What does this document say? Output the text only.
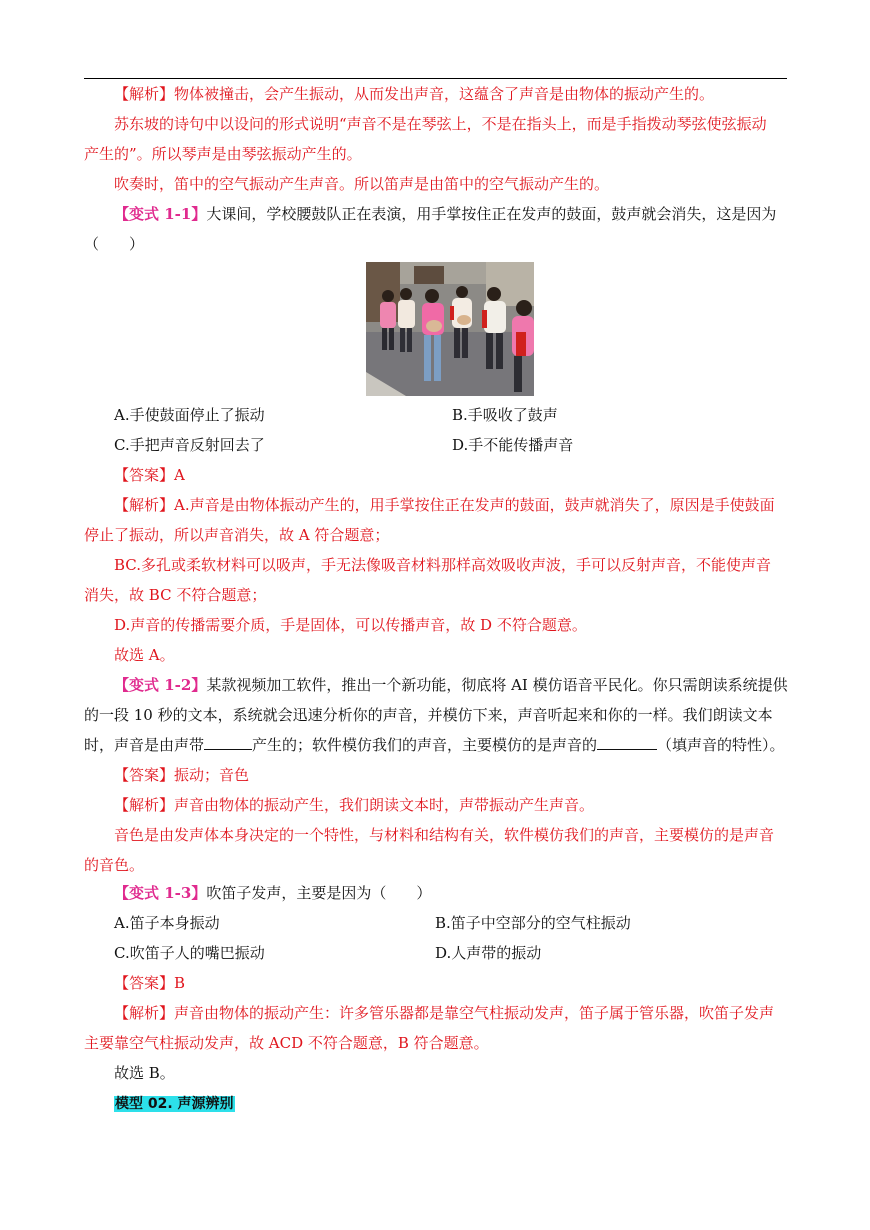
【解析】物体被撞击，会产生振动，从而发出声音，这蕴含了声音是由物体的振动产生的。
苏东坡的诗句中以设问的形式说明“声音不是在琴弦上，不是在指头上，而是手指拨动琴弦使弦振动
产生的”。所以琴声是由琴弦振动产生的。
吹奏时，笛中的空气振动产生声音。所以笛声是由笛中的空气振动产生的。
【变式 1-1】大课间，学校腰鼓队正在表演，用手掌按住正在发声的鼓面，鼓声就会消失，这是因为
（　　）
A.手使鼓面停止了振动	B.手吸收了鼓声
C.手把声音反射回去了	D.手不能传播声音
【答案】A
【解析】A.声音是由物体振动产生的，用手掌按住正在发声的鼓面，鼓声就消失了，原因是手使鼓面
停止了振动，所以声音消失，故 A 符合题意；
BC.多孔或柔软材料可以吸声，手无法像吸音材料那样高效吸收声波，手可以反射声音，不能使声音
消失，故 BC 不符合题意；
D.声音的传播需要介质，手是固体，可以传播声音，故 D 不符合题意。
故选 A。
【变式 1-2】某款视频加工软件，推出一个新功能，彻底将 AI 模仿语音平民化。你只需朗读系统提供
的一段 10 秒的文本，系统就会迅速分析你的声音，并模仿下来，声音听起来和你的一样。我们朗读文本
时，声音是由声带	产生的；软件模仿我们的声音，主要模仿的是声音的	（填声音的特性）。
【答案】振动；音色
【解析】声音由物体的振动产生，我们朗读文本时，声带振动产生声音。
音色是由发声体本身决定的一个特性，与材料和结构有关，软件模仿我们的声音，主要模仿的是声音
的音色。
【变式 1-3】吹笛子发声，主要是因为（　　）
A.笛子本身振动	B.笛子中空部分的空气柱振动
C.吹笛子人的嘴巴振动	D.人声带的振动
【答案】B
【解析】声音由物体的振动产生：许多管乐器都是靠空气柱振动发声，笛子属于管乐器，吹笛子发声
主要靠空气柱振动发声，故 ACD 不符合题意，B 符合题意。
故选 B。
模型 02. 声源辨别
